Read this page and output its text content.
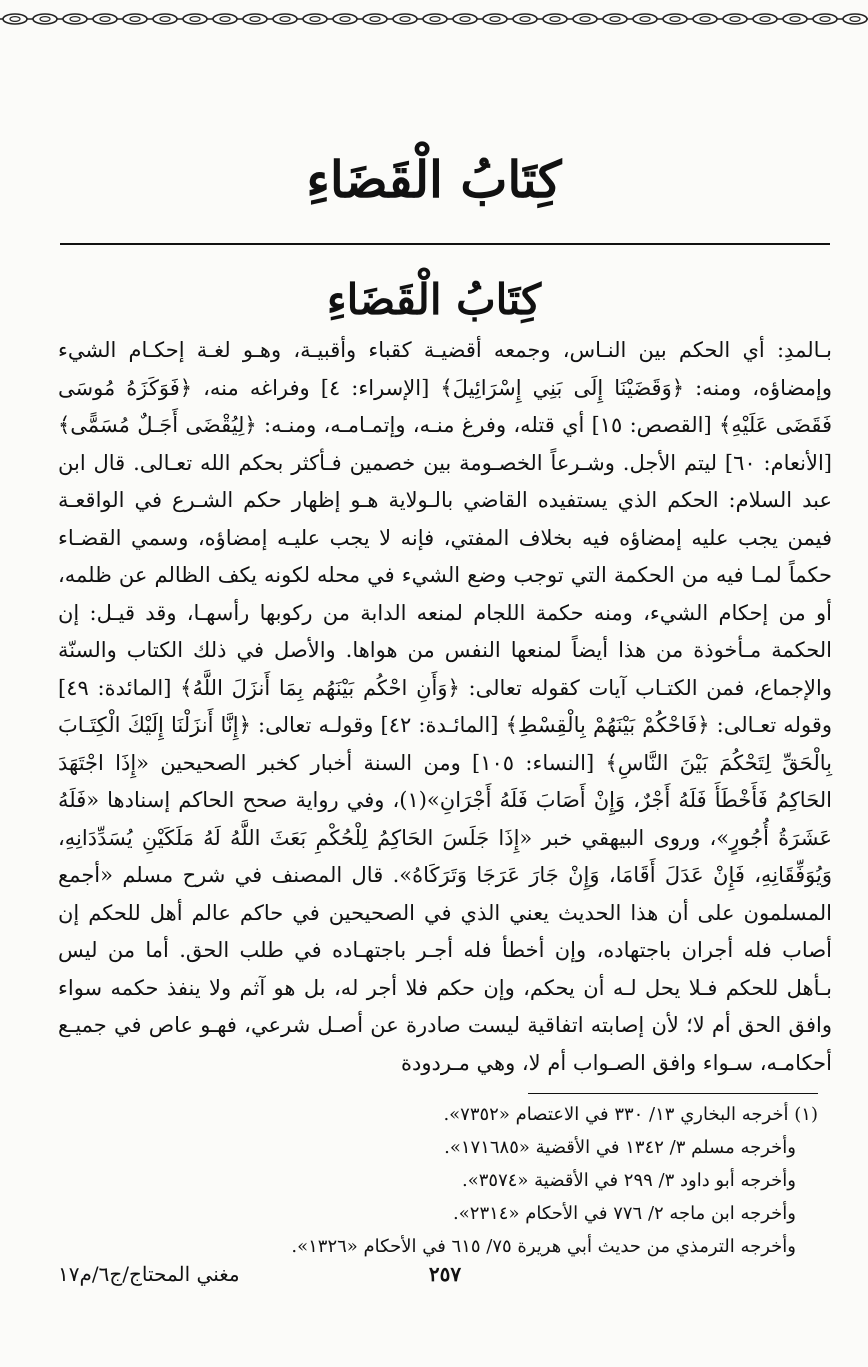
كِتَابُ الْقَضَاءِ
كِتَابُ الْقَضَاءِ
بـالمدِ: أي الحكم بين النـاس، وجمعه أقضيـة كقباء وأقبيـة، وهـو لغـة إحكـام الشيء وإمضاؤه، ومنه: ﴿وَقَضَيْنَا إِلَى بَنِي إِسْرَائِيلَ﴾ [الإسراء: ٤] وفراغه منه، ﴿فَوَكَزَهُ مُوسَى فَقَضَى عَلَيْهِ﴾ [القصص: ١٥] أي قتله، وفرغ منـه، وإتمـامـه، ومنـه: ﴿لِيُقْضَى أَجَـلٌ مُسَمًّى﴾ [الأنعام: ٦٠] ليتم الأجل. وشـرعاً الخصـومة بين خصمين فـأكثر بحكم الله تعـالى. قال ابن عبد السلام: الحكم الذي يستفيده القاضي بالـولاية هـو إظهار حكم الشـرع في الواقعـة فيمن يجب عليه إمضاؤه فيه بخلاف المفتي، فإنه لا يجب عليـه إمضاؤه، وسمي القضـاء حكماً لمـا فيه من الحكمة التي توجب وضع الشيء في محله لكونه يكف الظالم عن ظلمه، أو من إحكام الشيء، ومنه حكمة اللجام لمنعه الدابة من ركوبها رأسهـا، وقد قيـل: إن الحكمة مـأخوذة من هذا أيضاً لمنعها النفس من هواها. والأصل في ذلك الكتاب والسنّة والإجماع، فمن الكتـاب آيات كقوله تعالى: ﴿وَأَنِ احْكُم بَيْنَهُم بِمَا أَنزَلَ اللَّهُ﴾ [المائدة: ٤٩] وقوله تعـالى: ﴿فَاحْكُمْ بَيْنَهُمْ بِالْقِسْطِ﴾ [المائـدة: ٤٢] وقولـه تعالى: ﴿إِنَّا أَنزَلْنَا إِلَيْكَ الْكِتَـابَ بِالْحَقِّ لِتَحْكُمَ بَيْنَ النَّاسِ﴾ [النساء: ١٠٥] ومن السنة أخبار كخبر الصحيحين «إِذَا اجْتَهَدَ الحَاكِمُ فَأَخْطَأَ فَلَهُ أَجْرٌ، وَإِنْ أَصَابَ فَلَهُ أَجْرَانِ»(١)، وفي رواية صحح الحاكم إسنادها «فَلَهُ عَشَرَةُ أُجُورٍ»، وروى البيهقي خبر «إِذَا جَلَسَ الحَاكِمُ لِلْحُكْمِ بَعَثَ اللَّهُ لَهُ مَلَكَيْنِ يُسَدِّدَانِهِ، وَيُوَفِّقَانِهِ، فَإِنْ عَدَلَ أَقَامَا، وَإِنْ جَارَ عَرَجَا وَتَرَكَاهُ». قال المصنف في شرح مسلم «أجمع المسلمون على أن هذا الحديث يعني الذي في الصحيحين في حاكم عالم أهل للحكم إن أصاب فله أجران باجتهاده، وإن أخطأ فله أجـر باجتهـاده في طلب الحق. أما من ليس بـأهل للحكم فـلا يحل لـه أن يحكم، وإن حكم فلا أجر له، بل هو آثم ولا ينفذ حكمه سواء وافق الحق أم لا؛ لأن إصابته اتفاقية ليست صادرة عن أصـل شرعي، فهـو عاص في جميـع أحكامـه، سـواء وافق الصـواب أم لا، وهي مـردودة
(١) أخرجه البخاري ١٣/ ٣٣٠ في الاعتصام «٧٣٥٢».
وأخرجه مسلم ٣/ ١٣٤٢ في الأقضية «١٧١٦٨٥».
وأخرجه أبو داود ٣/ ٢٩٩ في الأقضية «٣٥٧٤».
وأخرجه ابن ماجه ٢/ ٧٧٦ في الأحكام «٢٣١٤».
وأخرجه الترمذي من حديث أبي هريرة ٧٥/ ٦١٥ في الأحكام «١٣٢٦».
٢٥٧
مغني المحتاج/ج٦/م١٧
